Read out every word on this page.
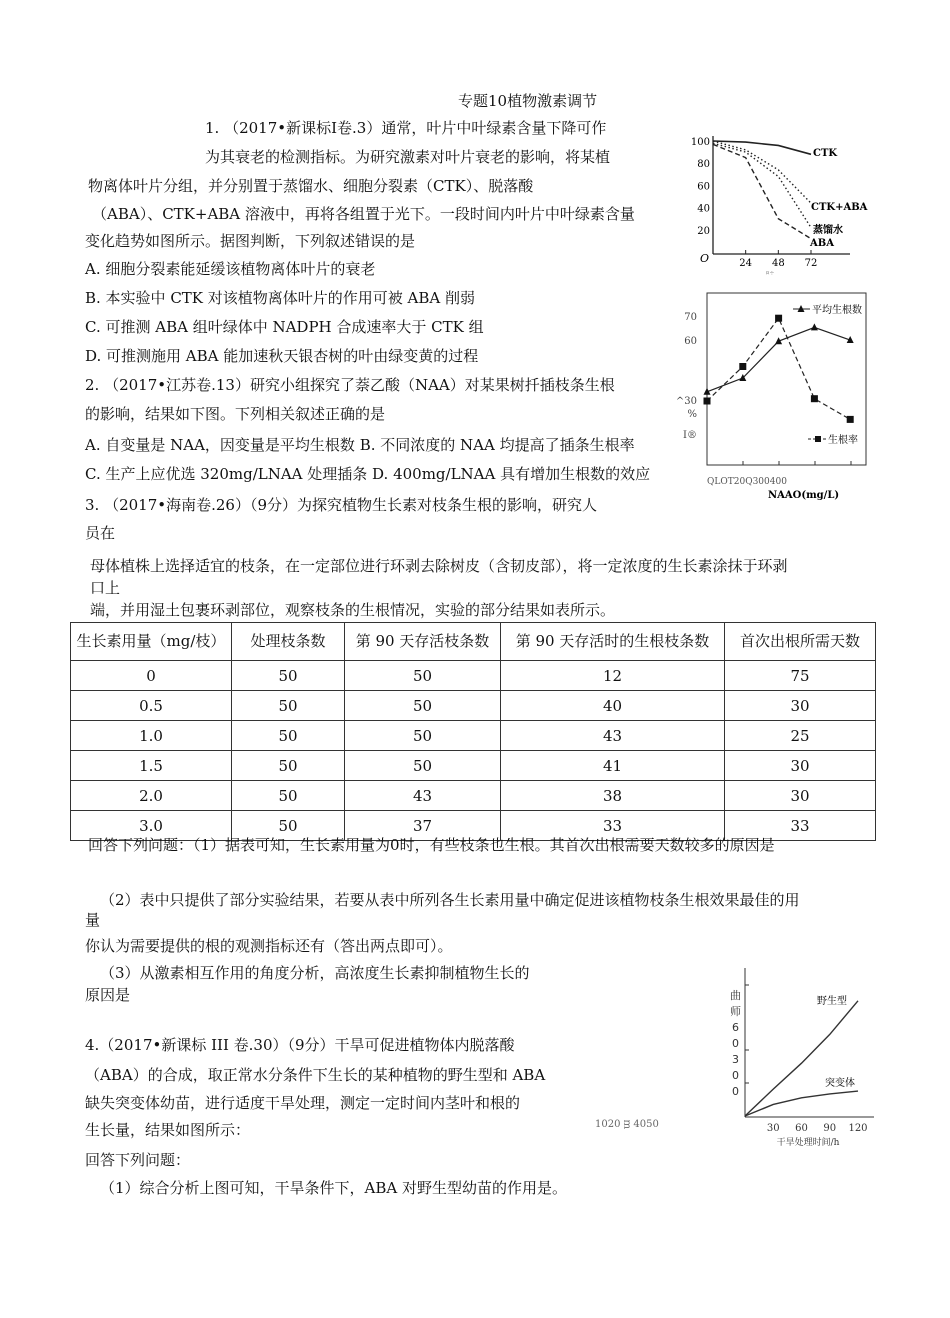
专题10植物激素调节
1. （2017•新课标Ⅰ卷.3）通常，叶片中叶绿素含量下降可作
为其衰老的检测指标。为研究激素对叶片衰老的影响，将某植
物离体叶片分组，并分别置于蒸馏水、细胞分裂素（CTK）、脱落酸
（ABA）、CTK+ABA 溶液中，再将各组置于光下。一段时间内叶片中叶绿素含量
变化趋势如图所示。据图判断，下列叙述错误的是
A. 细胞分裂素能延缓该植物离体叶片的衰老
B. 本实验中 CTK 对该植物离体叶片的作用可被 ABA 削弱
C. 可推测 ABA 组叶绿体中 NADPH 合成速率大于 CTK 组
D. 可推测施用 ABA 能加速秋天银杏树的叶由绿变黄的过程
2. （2017•江苏卷.13）研究小组探究了萘乙酸（NAA）对某果树扦插枝条生根
的影响，结果如下图。下列相关叙述正确的是
A. 自变量是 NAA，因变量是平均生根数 B. 不同浓度的 NAA 均提高了插条生根率
C. 生产上应优选 320mg/LNAA 处理插条 D. 400mg/LNAA 具有增加生根数的效应
3. （2017•海南卷.26）（9分）为探究植物生长素对枝条生根的影响，研究人
员在
母体植株上选择适宜的枝条，在一定部位进行环剥去除树皮（含韧皮部），将一定浓度的生长素涂抹于环剥
口上
端，并用湿土包裹环剥部位，观察枝条的生根情况，实验的部分结果如表所示。
生长素用量（mg/枝）	处理枝条数	第 90 天存活枝条数	第 90 天存活时的生根枝条数	首次出根所需天数
0	50	50	12	75
0.5	50	50	40	30
1.0	50	50	43	25
1.5	50	50	41	30
2.0	50	43	38	30
3.0	50	37	33	33
回答下列问题：（1）据表可知，生长素用量为0时，有些枝条也生根。其首次出根需要天数较多的原因是
（2）表中只提供了部分实验结果，若要从表中所列各生长素用量中确定促进该植物枝条生根效果最佳的用
量
你认为需要提供的根的观测指标还有（答出两点即可）。
（3）从激素相互作用的角度分析，高浓度生长素抑制植物生长的
原因是
4.（2017•新课标 III 卷.30）（9分）干旱可促进植物体内脱落酸
（ABA）的合成，取正常水分条件下生长的某种植物的野生型和 ABA
缺失突变体幼苗，进行适度干旱处理，测定一定时间内茎叶和根的
生长量，结果如图所示：
回答下列问题：
（1）综合分析上图可知，干旱条件下，ABA 对野生型幼苗的作用是。
1020 ᴟ 4050
O
20
40
60
80
100
24 48 72
¤÷
CTK
CTK+ABA
蒸馏水
ABA
70
60
^30
%
I®
QLOT20Q300400
NAAO(mg/L)
平均生根数
生根率
30 60 90 120
干旱处理时间/h
野生型
突变体
曲师60300
